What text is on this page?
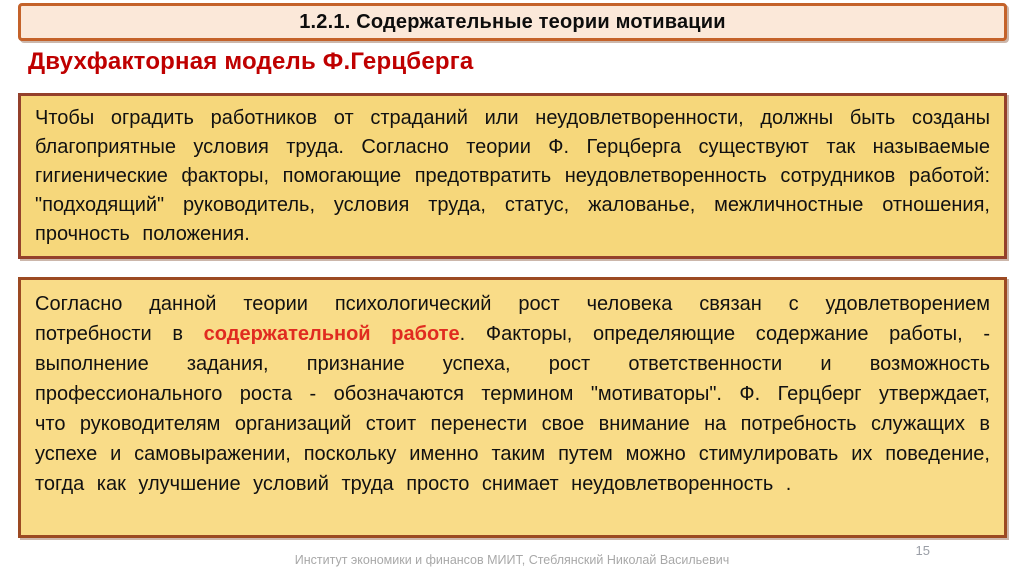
1.2.1. Содержательные теории мотивации
Двухфакторная модель Ф.Герцберга

Чтобы оградить работников от страданий или неудовлетворенности, должны быть созданы благоприятные условия труда. Согласно теории Ф. Герцберга существуют так называемые гигиенические факторы, помогающие предотвратить неудовлетворенность сотрудников работой: "подходящий" руководитель, условия труда, статус, жалованье, межличностные отношения, прочность положения.

Согласно данной теории психологический рост человека связан с удовлетворением потребности в содержательной работе. Факторы, определяющие содержание работы, - выполнение задания, признание успеха, рост ответственности и возможность профессионального роста - обозначаются термином "мотиваторы". Ф. Герцберг утверждает, что руководителям организаций стоит перенести свое внимание на потребность служащих в успехе и самовыражении, поскольку именно таким путем можно стимулировать их поведение, тогда как улучшение условий труда просто снимает неудовлетворенность .

15
Институт экономики и финансов МИИТ, Стеблянский Николай Васильевич
